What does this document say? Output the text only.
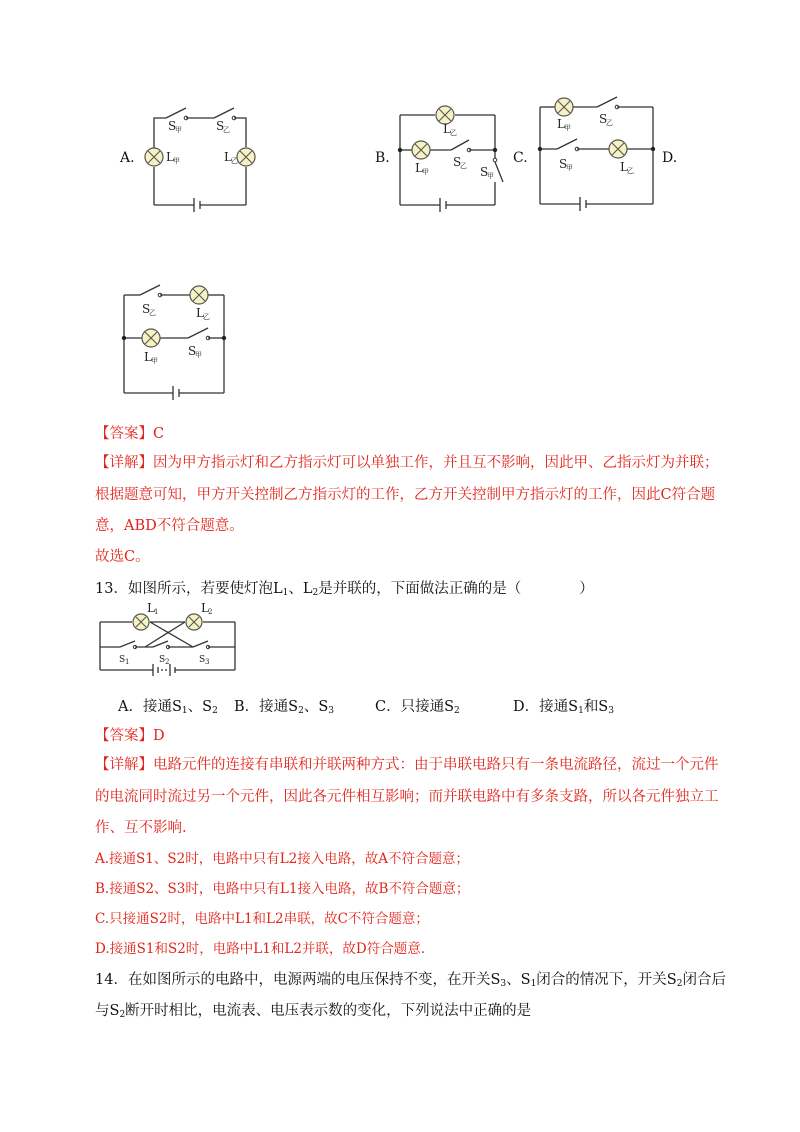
A.
S
甲	S
乙
L 甲	L 乙	B.
L 乙
L 甲
S
乙 S
甲
C.
L 甲
S
乙
S
甲	L 乙
D.
S
乙	L 乙
L 甲
S
甲
【答案】C
【详解】因为甲方指示灯和乙方指示灯可以单独工作，并且互不影响，因此甲、乙指示灯为并联；
根据题意可知，甲方开关控制乙方指示灯的工作，乙方开关控制甲方指示灯的工作，因此C符合题
意，ABD不符合题意。
故选C。
13．如图所示，若要使灯泡$L_1$、$L_2$是并联的，下面做法正确的是（　　　　）
L 1	L 2
S 1	S 2	S 3
A．接通$S_1$、$S_2$ B．接通$S_2$、$S_3$	C．只接通$S_2$	D．接通$S_1$和$S_3$
【答案】D
【详解】电路元件的连接有串联和并联两种方式：由于串联电路只有一条电流路径，流过一个元件
的电流同时流过另一个元件，因此各元件相互影响；而并联电路中有多条支路，所以各元件独立工
作、互不影响.
A.接通S1、S2时，电路中只有L2接入电路，故A不符合题意；
B.接通S2、S3时，电路中只有L1接入电路，故B不符合题意；
C.只接通S2时，电路中L1和L2串联，故C不符合题意；
D.接通S1和S2时，电路中L1和L2并联，故D符合题意.
14．在如图所示的电路中，电源两端的电压保持不变，在开关$S_3$、$S_1$闭合的情况下，开关$S_2$闭合后
与$S_2$断开时相比，电流表、电压表示数的变化，下列说法中正确的是
